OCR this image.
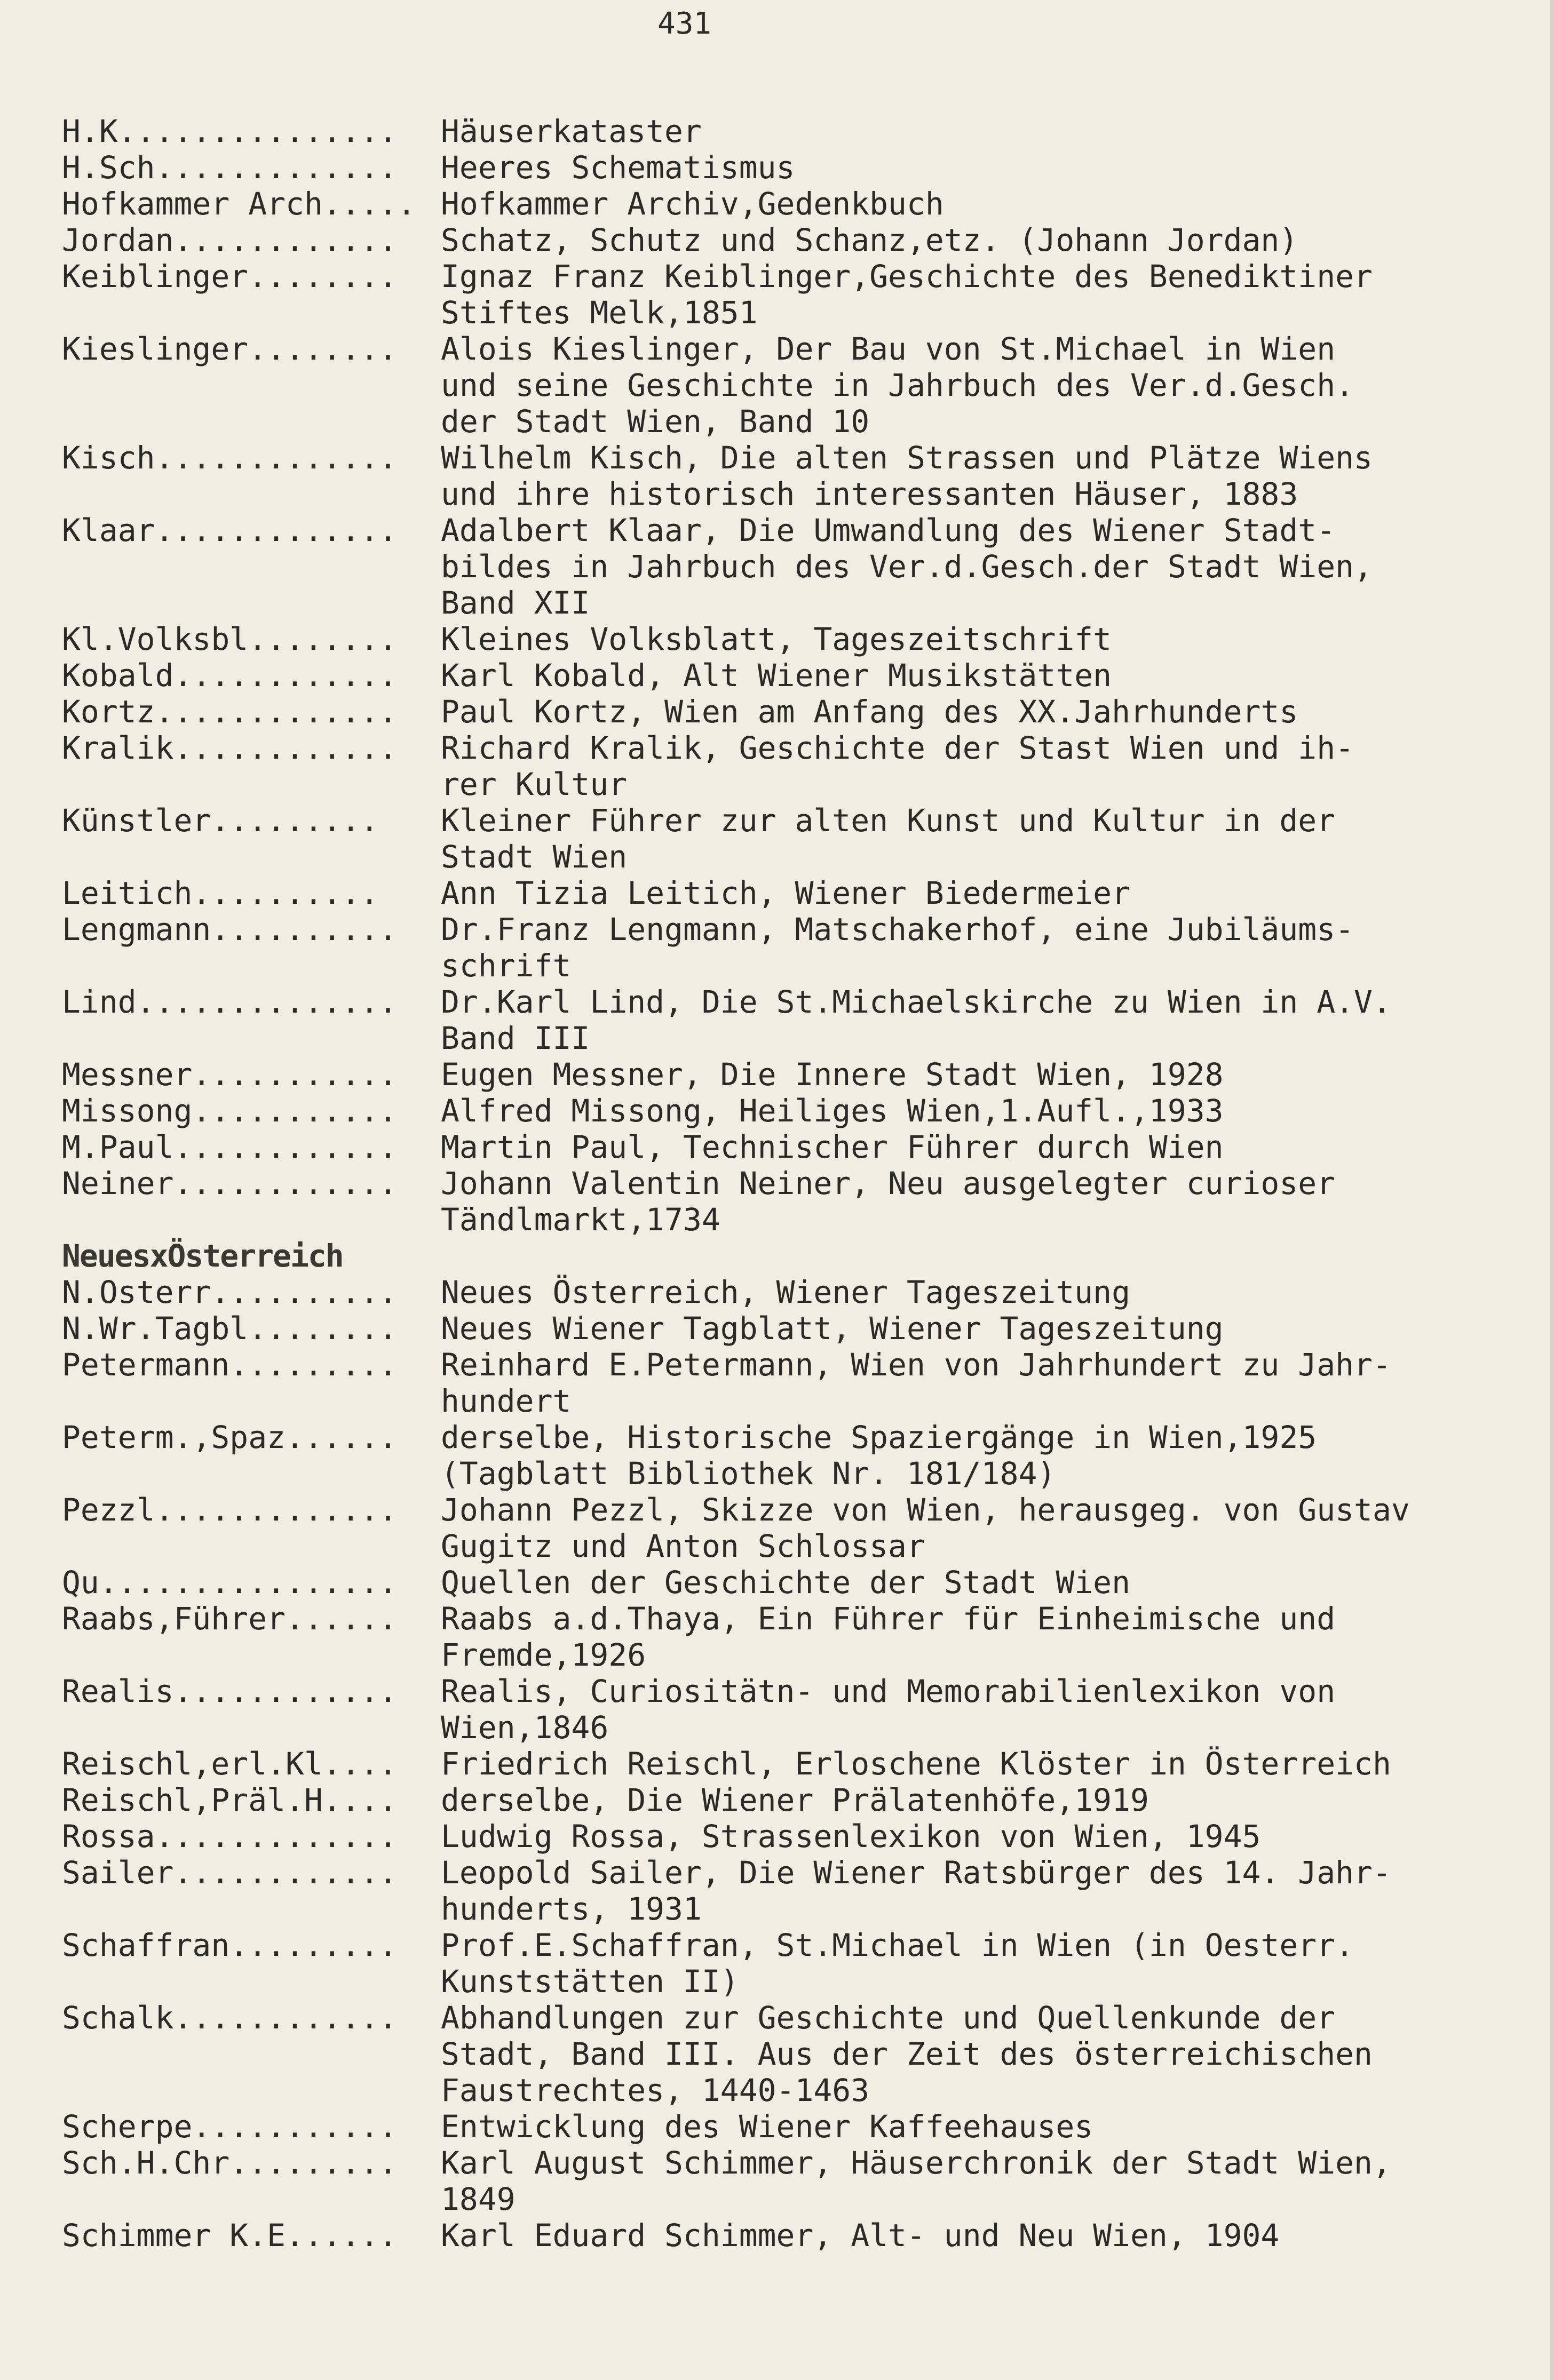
431
H.K...............	Häuserkataster
H.Sch.............	Heeres Schematismus
Hofkammer Arch..... Hofkammer Archiv,Gedenkbuch
Jordan............	Schatz, Schutz und Schanz,etz. (Johann Jordan)
Keiblinger........	Ignaz Franz Keiblinger,Geschichte des Benediktiner
Stiftes Melk,1851
Kieslinger........	Alois Kieslinger, Der Bau von St.Michael in Wien
und seine Geschichte in Jahrbuch des Ver.d.Gesch.
der Stadt Wien, Band 10
Kisch.............	Wilhelm Kisch, Die alten Strassen und Plätze Wiens
und ihre historisch interessanten Häuser, 1883
Klaar.............	Adalbert Klaar, Die Umwandlung des Wiener Stadt-
bildes in Jahrbuch des Ver.d.Gesch.der Stadt Wien,
Band XII
Kl.Volksbl........	Kleines Volksblatt, Tageszeitschrift
Kobald............	Karl Kobald, Alt Wiener Musikstätten
Kortz.............	Paul Kortz, Wien am Anfang des XX.Jahrhunderts
Kralik............	Richard Kralik, Geschichte der Stast Wien und ih-
rer Kultur
Künstler.........	Kleiner Führer zur alten Kunst und Kultur in der
Stadt Wien
Leitich..........	Ann Tizia Leitich, Wiener Biedermeier
Lengmann..........	Dr.Franz Lengmann, Matschakerhof, eine Jubiläums-
schrift
Lind..............	Dr.Karl Lind, Die St.Michaelskirche zu Wien in A.V.
Band III
Messner...........	Eugen Messner, Die Innere Stadt Wien, 1928
Missong...........	Alfred Missong, Heiliges Wien,1.Aufl.,1933
M.Paul............	Martin Paul, Technischer Führer durch Wien
Neiner............	Johann Valentin Neiner, Neu ausgelegter curioser
Tändlmarkt,1734
NeuesxÖsterreich

N.Osterr..........	Neues Österreich, Wiener Tageszeitung
N.Wr.Tagbl........	Neues Wiener Tagblatt, Wiener Tageszeitung
Petermann.........	Reinhard E.Petermann, Wien von Jahrhundert zu Jahr-
hundert
Peterm.,Spaz......	derselbe, Historische Spaziergänge in Wien,1925
(Tagblatt Bibliothek Nr. 181/184)
Pezzl.............	Johann Pezzl, Skizze von Wien, herausgeg. von Gustav
Gugitz und Anton Schlossar
Qu................	Quellen der Geschichte der Stadt Wien
Raabs,Führer......	Raabs a.d.Thaya, Ein Führer für Einheimische und
Fremde,1926
Realis............	Realis, Curiositätn- und Memorabilienlexikon von
Wien,1846
Reischl,erl.Kl....	Friedrich Reischl, Erloschene Klöster in Österreich
Reischl,Präl.H....	derselbe, Die Wiener Prälatenhöfe,1919
Rossa.............	Ludwig Rossa, Strassenlexikon von Wien, 1945
Sailer............	Leopold Sailer, Die Wiener Ratsbürger des 14. Jahr-
hunderts, 1931
Schaffran.........	Prof.E.Schaffran, St.Michael in Wien (in Oesterr.
Kunststätten II)
Schalk............	Abhandlungen zur Geschichte und Quellenkunde der
Stadt, Band III. Aus der Zeit des österreichischen
Faustrechtes, 1440-1463
Scherpe...........	Entwicklung des Wiener Kaffeehauses
Sch.H.Chr.........	Karl August Schimmer, Häuserchronik der Stadt Wien,
1849
Schimmer K.E......	Karl Eduard Schimmer, Alt- und Neu Wien, 1904
